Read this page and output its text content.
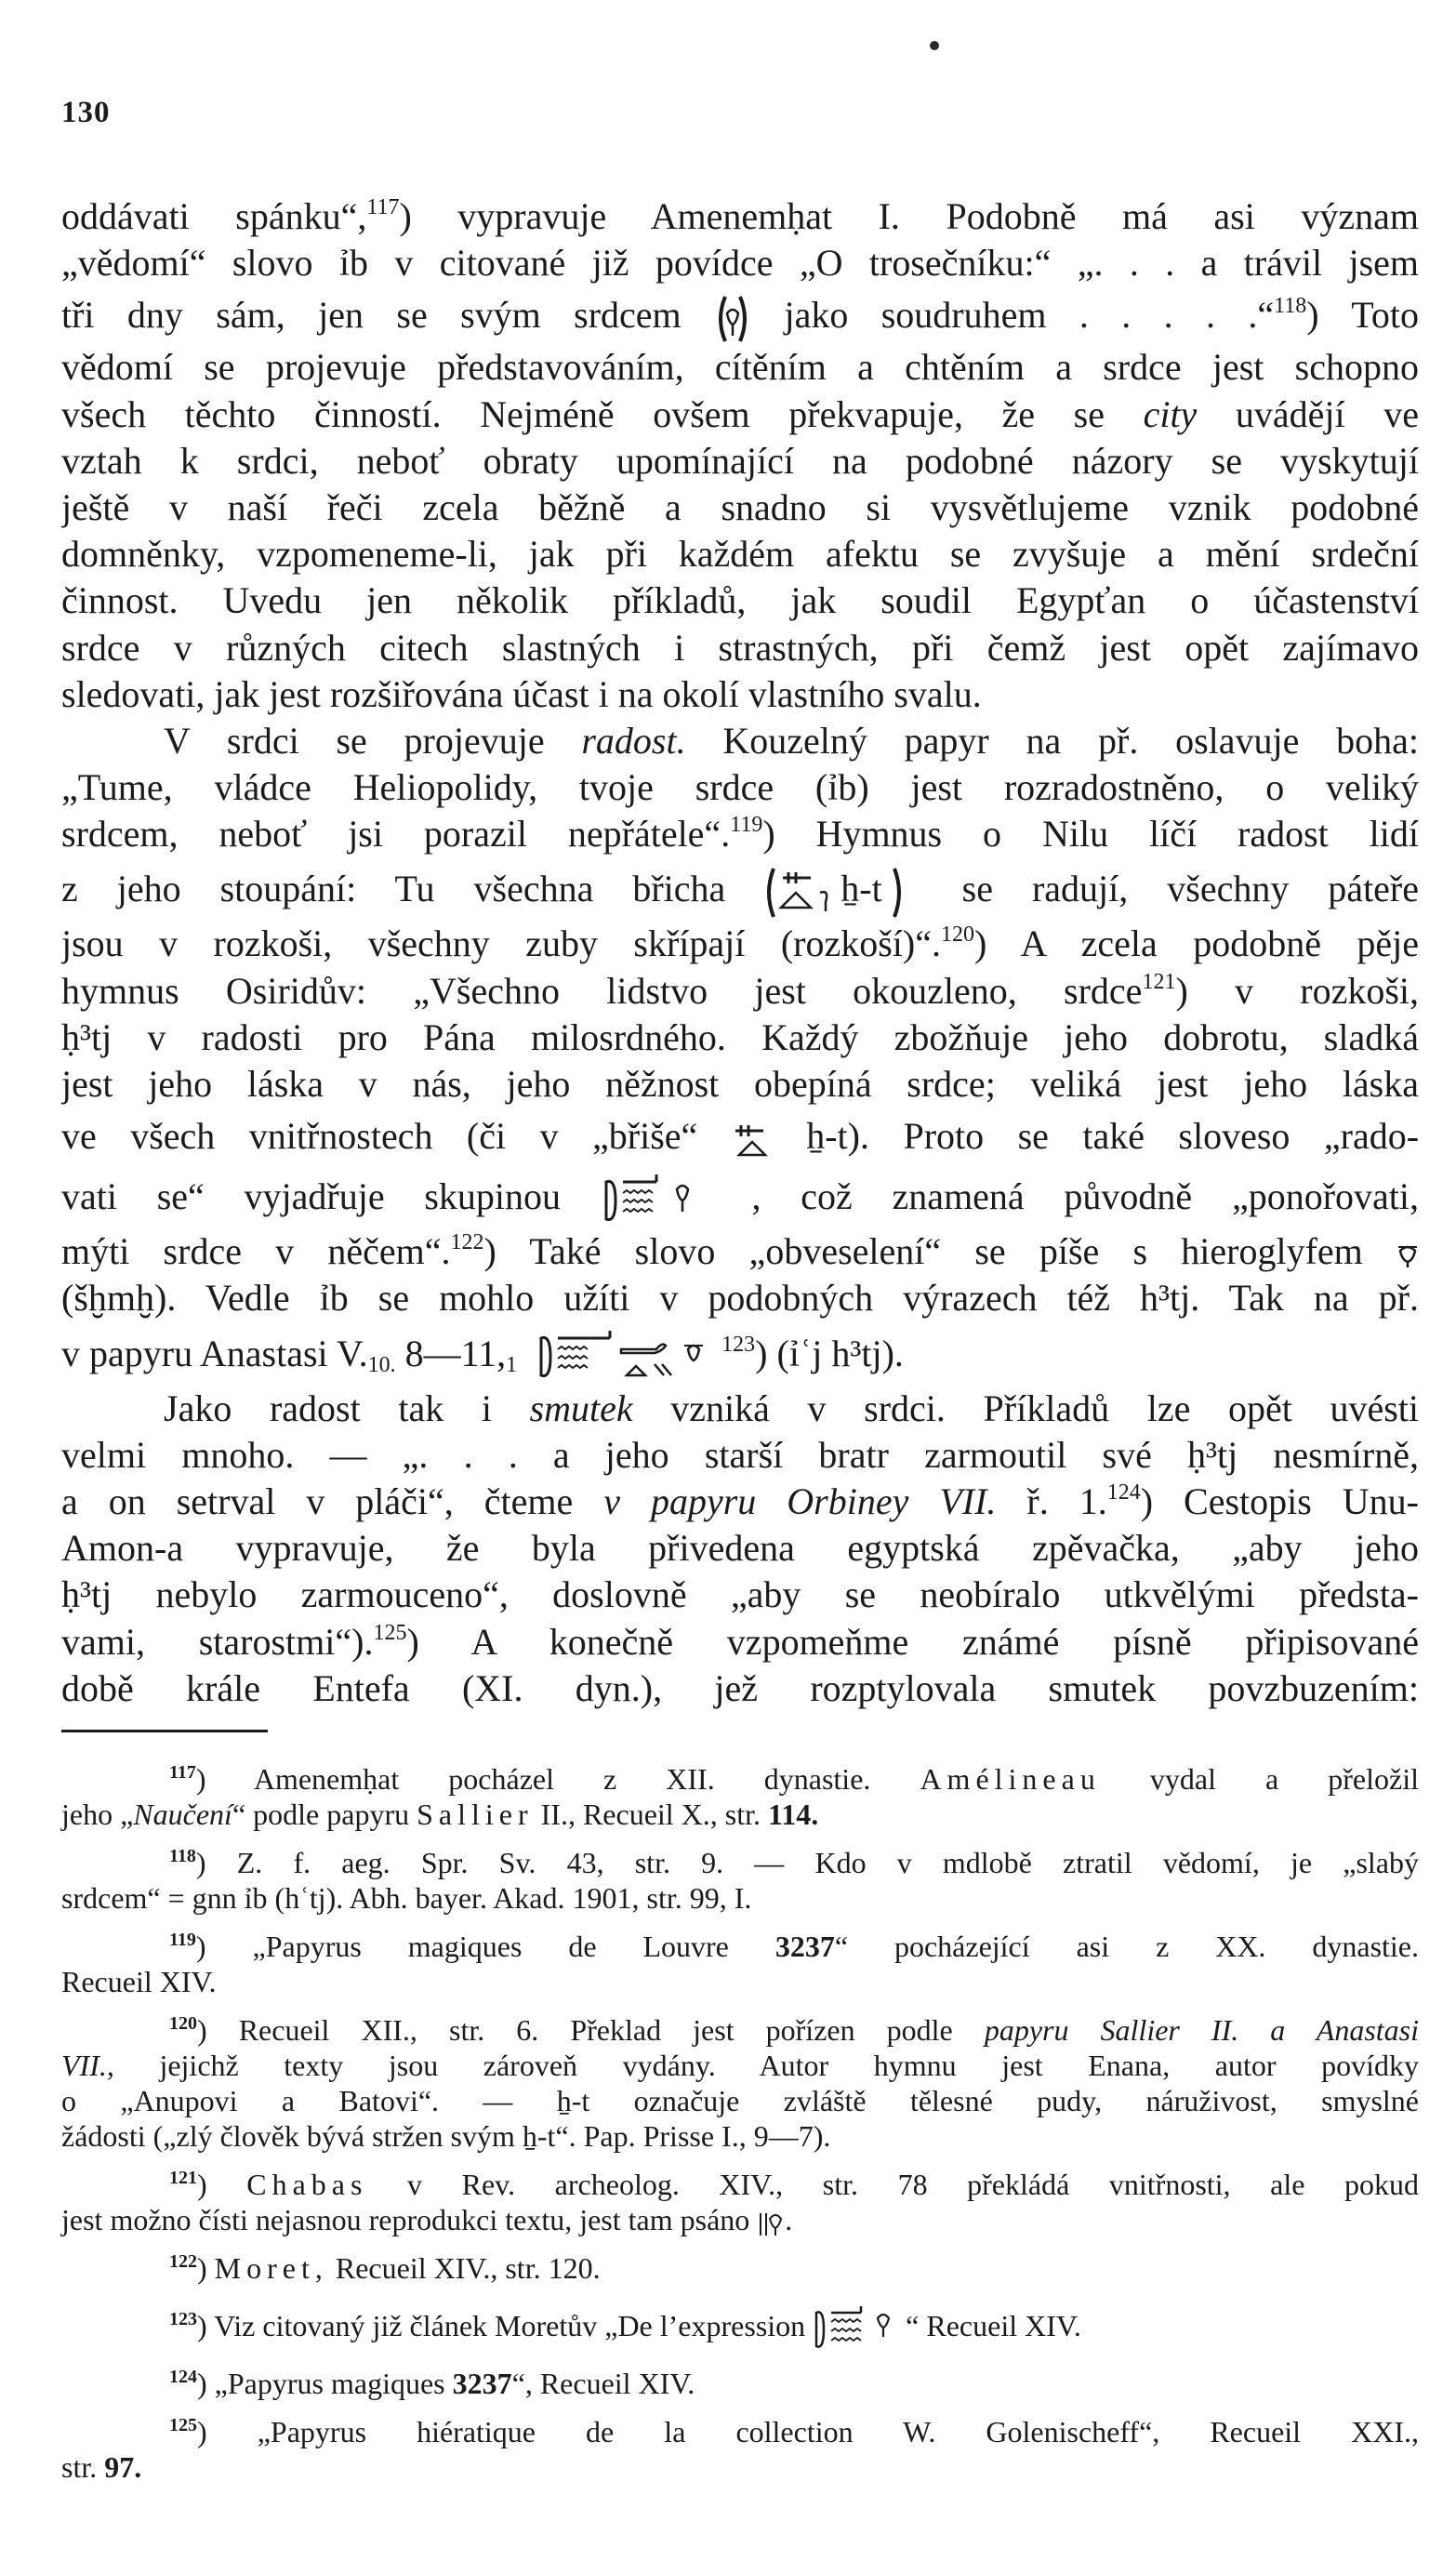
130
oddávati spánku“,$^{117}$) vypravuje Amenemḥat I. Podobně má asi význam
„vědomí“ slovo ỉb v citované již povídce „O trosečníku:“ „. . . a trávil jsem
tři dny sám, jen se svým srdcem	jako soudruhem . . . . .“$^{118}$) Toto
vědomí se projevuje představováním, cítěním a chtěním a srdce jest schopno
všech těchto činností. Nejméně ovšem překvapuje, že se city uvádějí ve
vztah k srdci, neboť obraty upomínající na podobné názory se vyskytují
ještě v naší řeči zcela běžně a snadno si vysvětlujeme vznik podobné
domněnky, vzpomeneme-li, jak při každém afektu se zvyšuje a mění srdeční
činnost. Uvedu jen několik příkladů, jak soudil Egypťan o účastenství
srdce v různých citech slastných i strastných, při čemž jest opět zajímavo
sledovati, jak jest rozšiřována účast i na okolí vlastního svalu.
V srdci se projevuje radost. Kouzelný papyr na př. oslavuje boha:
„Tume, vládce Heliopolidy, tvoje srdce (ỉb) jest rozradostněno, o veliký
srdcem, neboť jsi porazil nepřátele“.$^{119}$) Hymnus o Nilu líčí radost lidí
z jeho stoupání: Tu všechna břicha	ẖ-t se radují, všechny páteře
jsou v rozkoši, všechny zuby skřípají (rozkoší)“.$^{120}$) A zcela podobně pěje
hymnus Osiridův: „Všechno lidstvo jest okouzleno, srdce$^{121}$) v rozkoši,
ḥ³tj v radosti pro Pána milosrdného. Každý zbožňuje jeho dobrotu, sladká
jest jeho láska v nás, jeho něžnost obepíná srdce; veliká jest jeho láska
ve všech vnitřnostech (či v „břiše“	ẖ-t). Proto se také sloveso „rado-
vati se“ vyjadřuje skupinou	, což znamená původně „ponořovati,
mýti srdce v něčem“.$^{122}$) Také slovo „obveselení“ se píše s hieroglyfem
(šḫmḫ). Vedle ỉb se mohlo užíti v podobných výrazech též h³tj. Tak na př.
v papyru Anastasi V.10. 8—11,1
$^{123}$) (ỉʿj h³tj).
Jako radost tak i smutek vzniká v srdci. Příkladů lze opět uvésti
velmi mnoho. — „. . . a jeho starší bratr zarmoutil své ḥ³tj nesmírně,
a on setrval v pláči“, čteme v papyru Orbiney VII. ř. 1.$^{124}$) Cestopis Unu-
Amon-a vypravuje, že byla přivedena egyptská zpěvačka, „aby jeho
ḥ³tj nebylo zarmouceno“, doslovně „aby se neobíralo utkvělými předsta-
vami, starostmi“).$^{125}$) A konečně vzpomeňme známé písně připisované
době krále Entefa (XI. dyn.), jež rozptylovala smutek povzbuzením:
$^{117}$) Amenemḥat pocházel z XII. dynastie. Amélineau vydal a přeložil
jeho „Naučení“ podle papyru Sallier II., Recueil X., str. 114.
$^{118}$) Z. f. aeg. Spr. Sv. 43, str. 9. — Kdo v mdlobě ztratil vědomí, je „slabý
srdcem“ = gnn ỉb (hʿtj). Abh. bayer. Akad. 1901, str. 99, I.
$^{119}$) „Papyrus magiques de Louvre 3237“ pocházející asi z XX. dynastie.
Recueil XIV.
$^{120}$) Recueil XII., str. 6. Překlad jest pořízen podle papyru Sallier II. a Anastasi
VII., jejichž texty jsou zároveň vydány. Autor hymnu jest Enana, autor povídky
o „Anupovi a Batovi“. — ẖ-t označuje zvláště tělesné pudy, náruživost, smyslné
žádosti („zlý člověk bývá stržen svým ẖ-t“. Pap. Prisse I., 9—7).
$^{121}$) Chabas v Rev. archeolog. XIV., str. 78 překládá vnitřnosti, ale pokud
jest možno čísti nejasnou reprodukci textu, jest tam psáno .
$^{122}$) Moret, Recueil XIV., str. 120.
$^{123}$) Viz citovaný již článek Moretův „De l’expression	“ Recueil XIV.
$^{124}$) „Papyrus magiques 3237“, Recueil XIV.
$^{125}$) „Papyrus hiératique de la collection W. Golenischeff“, Recueil XXI.,
str. 97.
